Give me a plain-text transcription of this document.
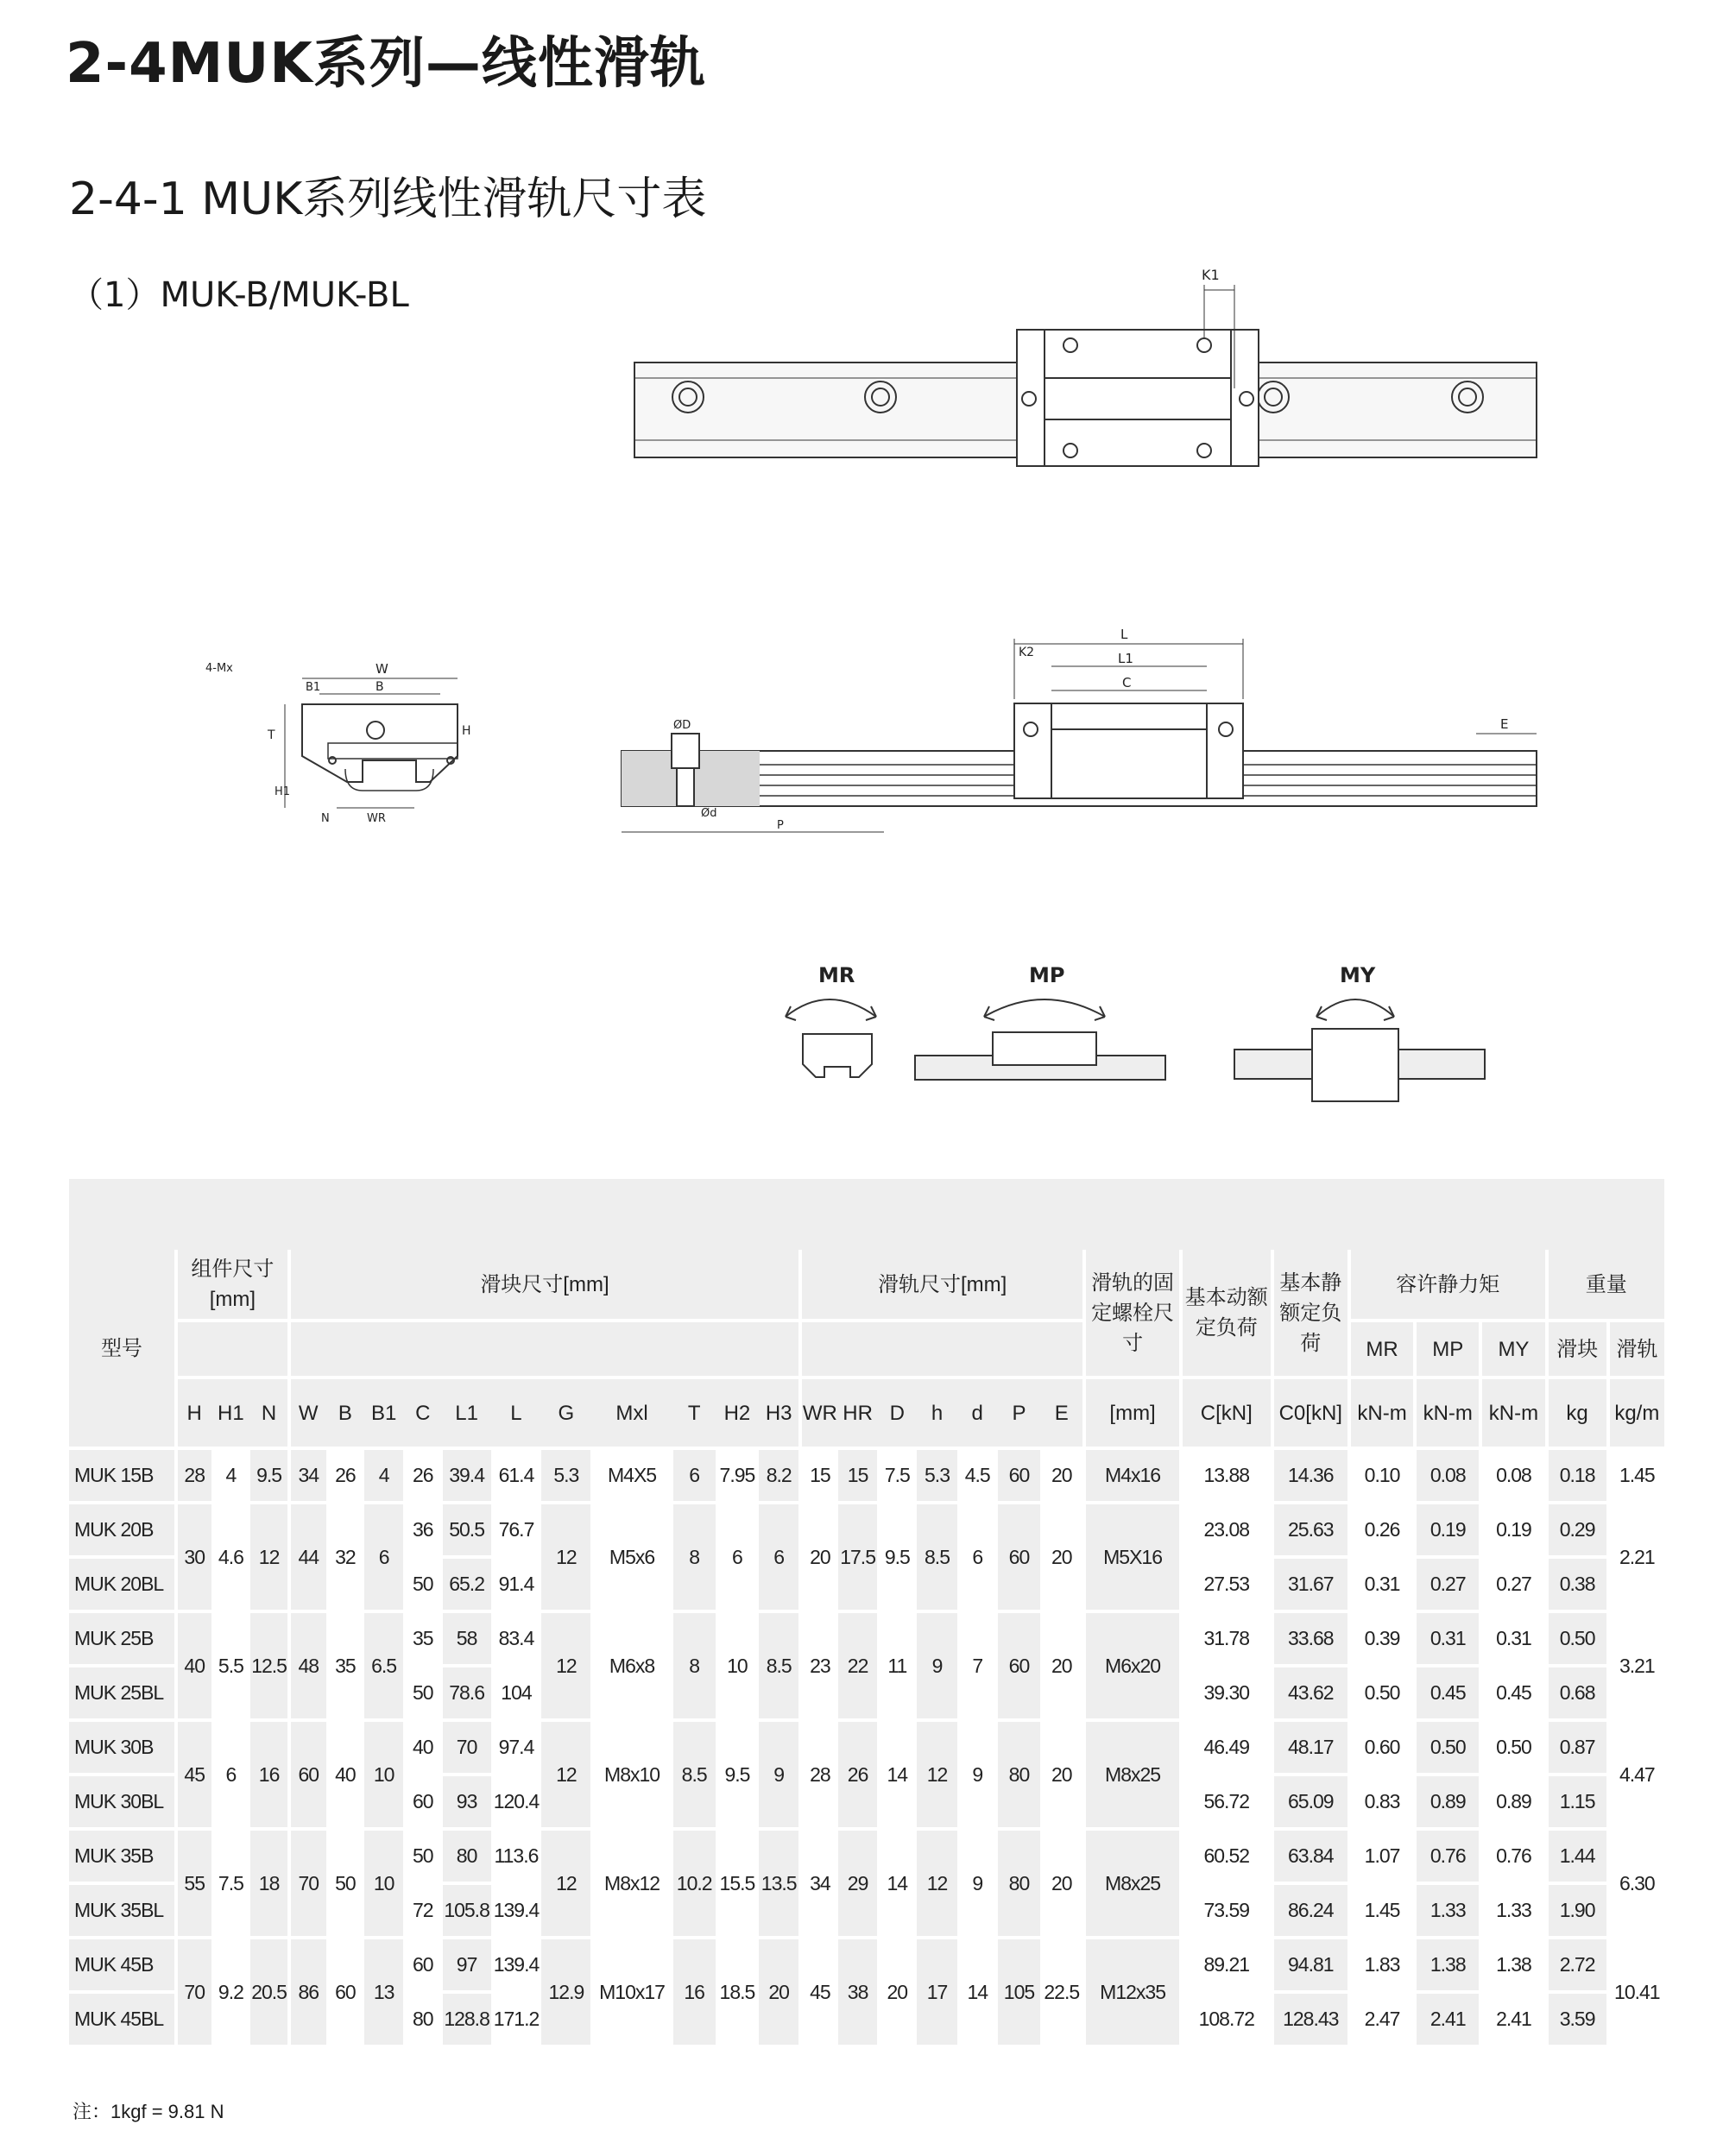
2-4MUK系列—线性滑轨
2-4-1 MUK系列线性滑轨尺寸表
（1）MUK-B/MUK-BL
K1
W
B
B1
4-Mx
T	H
H1
N	WR
L
L1
C
K2
E
ØD
Ød
P
MR	MP	MY
型号	组件尺寸[mm]			滑块尺寸[mm]											滑轨尺寸[mm]							滑轨的固定螺栓尺寸	基本动额定负荷	基本静额定负荷	容许静力矩			重量	
																									MR	MP	MY	滑块	滑轨
	H	H1	N	W	B	B1	C	L1	L	G	Mxl	T	H2	H3	WR	HR	D	h	d	P	E	[mm]	C[kN]	C0[kN]	kN-m	kN-m	kN-m	kg	kg/m
MUK 15B	28	4	9.5	34	26	4	26	39.4	61.4	5.3	M4X5	6	7.95	8.2	15	15	7.5	5.3	4.5	60	20	M4x16	13.88	14.36	0.10	0.08	0.08	0.18	1.45
MUK 20B	30	4.6	12	44	32	6	36	50.5	76.7	12	M5x6	8	6	6	20	17.5	9.5	8.5	6	60	20	M5X16	23.08	25.63	0.26	0.19	0.19	0.29	2.21
MUK 20BL							50	65.2	91.4														27.53	31.67	0.31	0.27	0.27	0.38	
MUK 25B	40	5.5	12.5	48	35	6.5	35	58	83.4	12	M6x8	8	10	8.5	23	22	11	9	7	60	20	M6x20	31.78	33.68	0.39	0.31	0.31	0.50	3.21
MUK 25BL							50	78.6	104														39.30	43.62	0.50	0.45	0.45	0.68	
MUK 30B	45	6	16	60	40	10	40	70	97.4	12	M8x10	8.5	9.5	9	28	26	14	12	9	80	20	M8x25	46.49	48.17	0.60	0.50	0.50	0.87	4.47
MUK 30BL							60	93	120.4														56.72	65.09	0.83	0.89	0.89	1.15	
MUK 35B	55	7.5	18	70	50	10	50	80	113.6	12	M8x12	10.2	15.5	13.5	34	29	14	12	9	80	20	M8x25	60.52	63.84	1.07	0.76	0.76	1.44	6.30
MUK 35BL							72	105.8	139.4														73.59	86.24	1.45	1.33	1.33	1.90	
MUK 45B	70	9.2	20.5	86	60	13	60	97	139.4	12.9	M10x17	16	18.5	20	45	38	20	17	14	105	22.5	M12x35	89.21	94.81	1.83	1.38	1.38	2.72	10.41
MUK 45BL							80	128.8	171.2														108.72	128.43	2.47	2.41	2.41	3.59	
注：1kgf = 9.81 N
